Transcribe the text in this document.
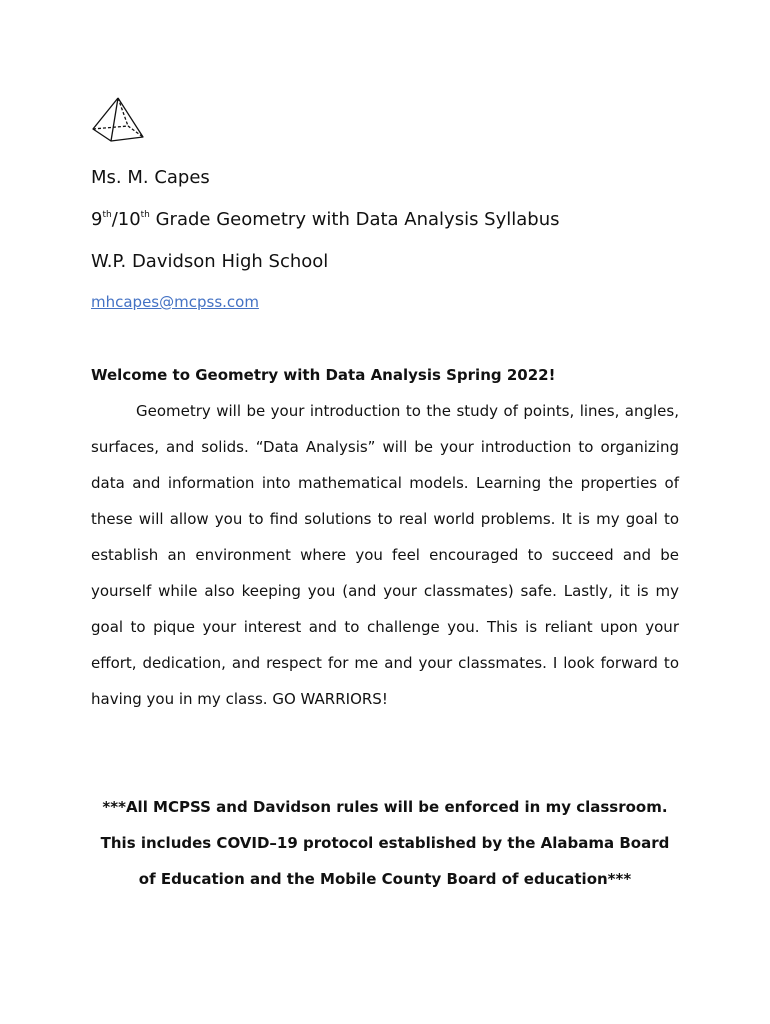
Ms. M. Capes
9th/10th Grade Geometry with Data Analysis Syllabus
W.P. Davidson High School
mhcapes@mcpss.com
Welcome to Geometry with Data Analysis Spring 2022!
Geometry will be your introduction to the study of points, lines, angles,
surfaces, and solids. “Data Analysis” will be your introduction to organizing
data and information into mathematical models. Learning the properties of
these will allow you to find solutions to real world problems. It is my goal to
establish an environment where you feel encouraged to succeed and be
yourself while also keeping you (and your classmates) safe. Lastly, it is my
goal to pique your interest and to challenge you. This is reliant upon your
effort, dedication, and respect for me and your classmates. I look forward to
having you in my class. GO WARRIORS!
***All MCPSS and Davidson rules will be enforced in my classroom.
This includes COVID–19 protocol established by the Alabama Board
of Education and the Mobile County Board of education***
